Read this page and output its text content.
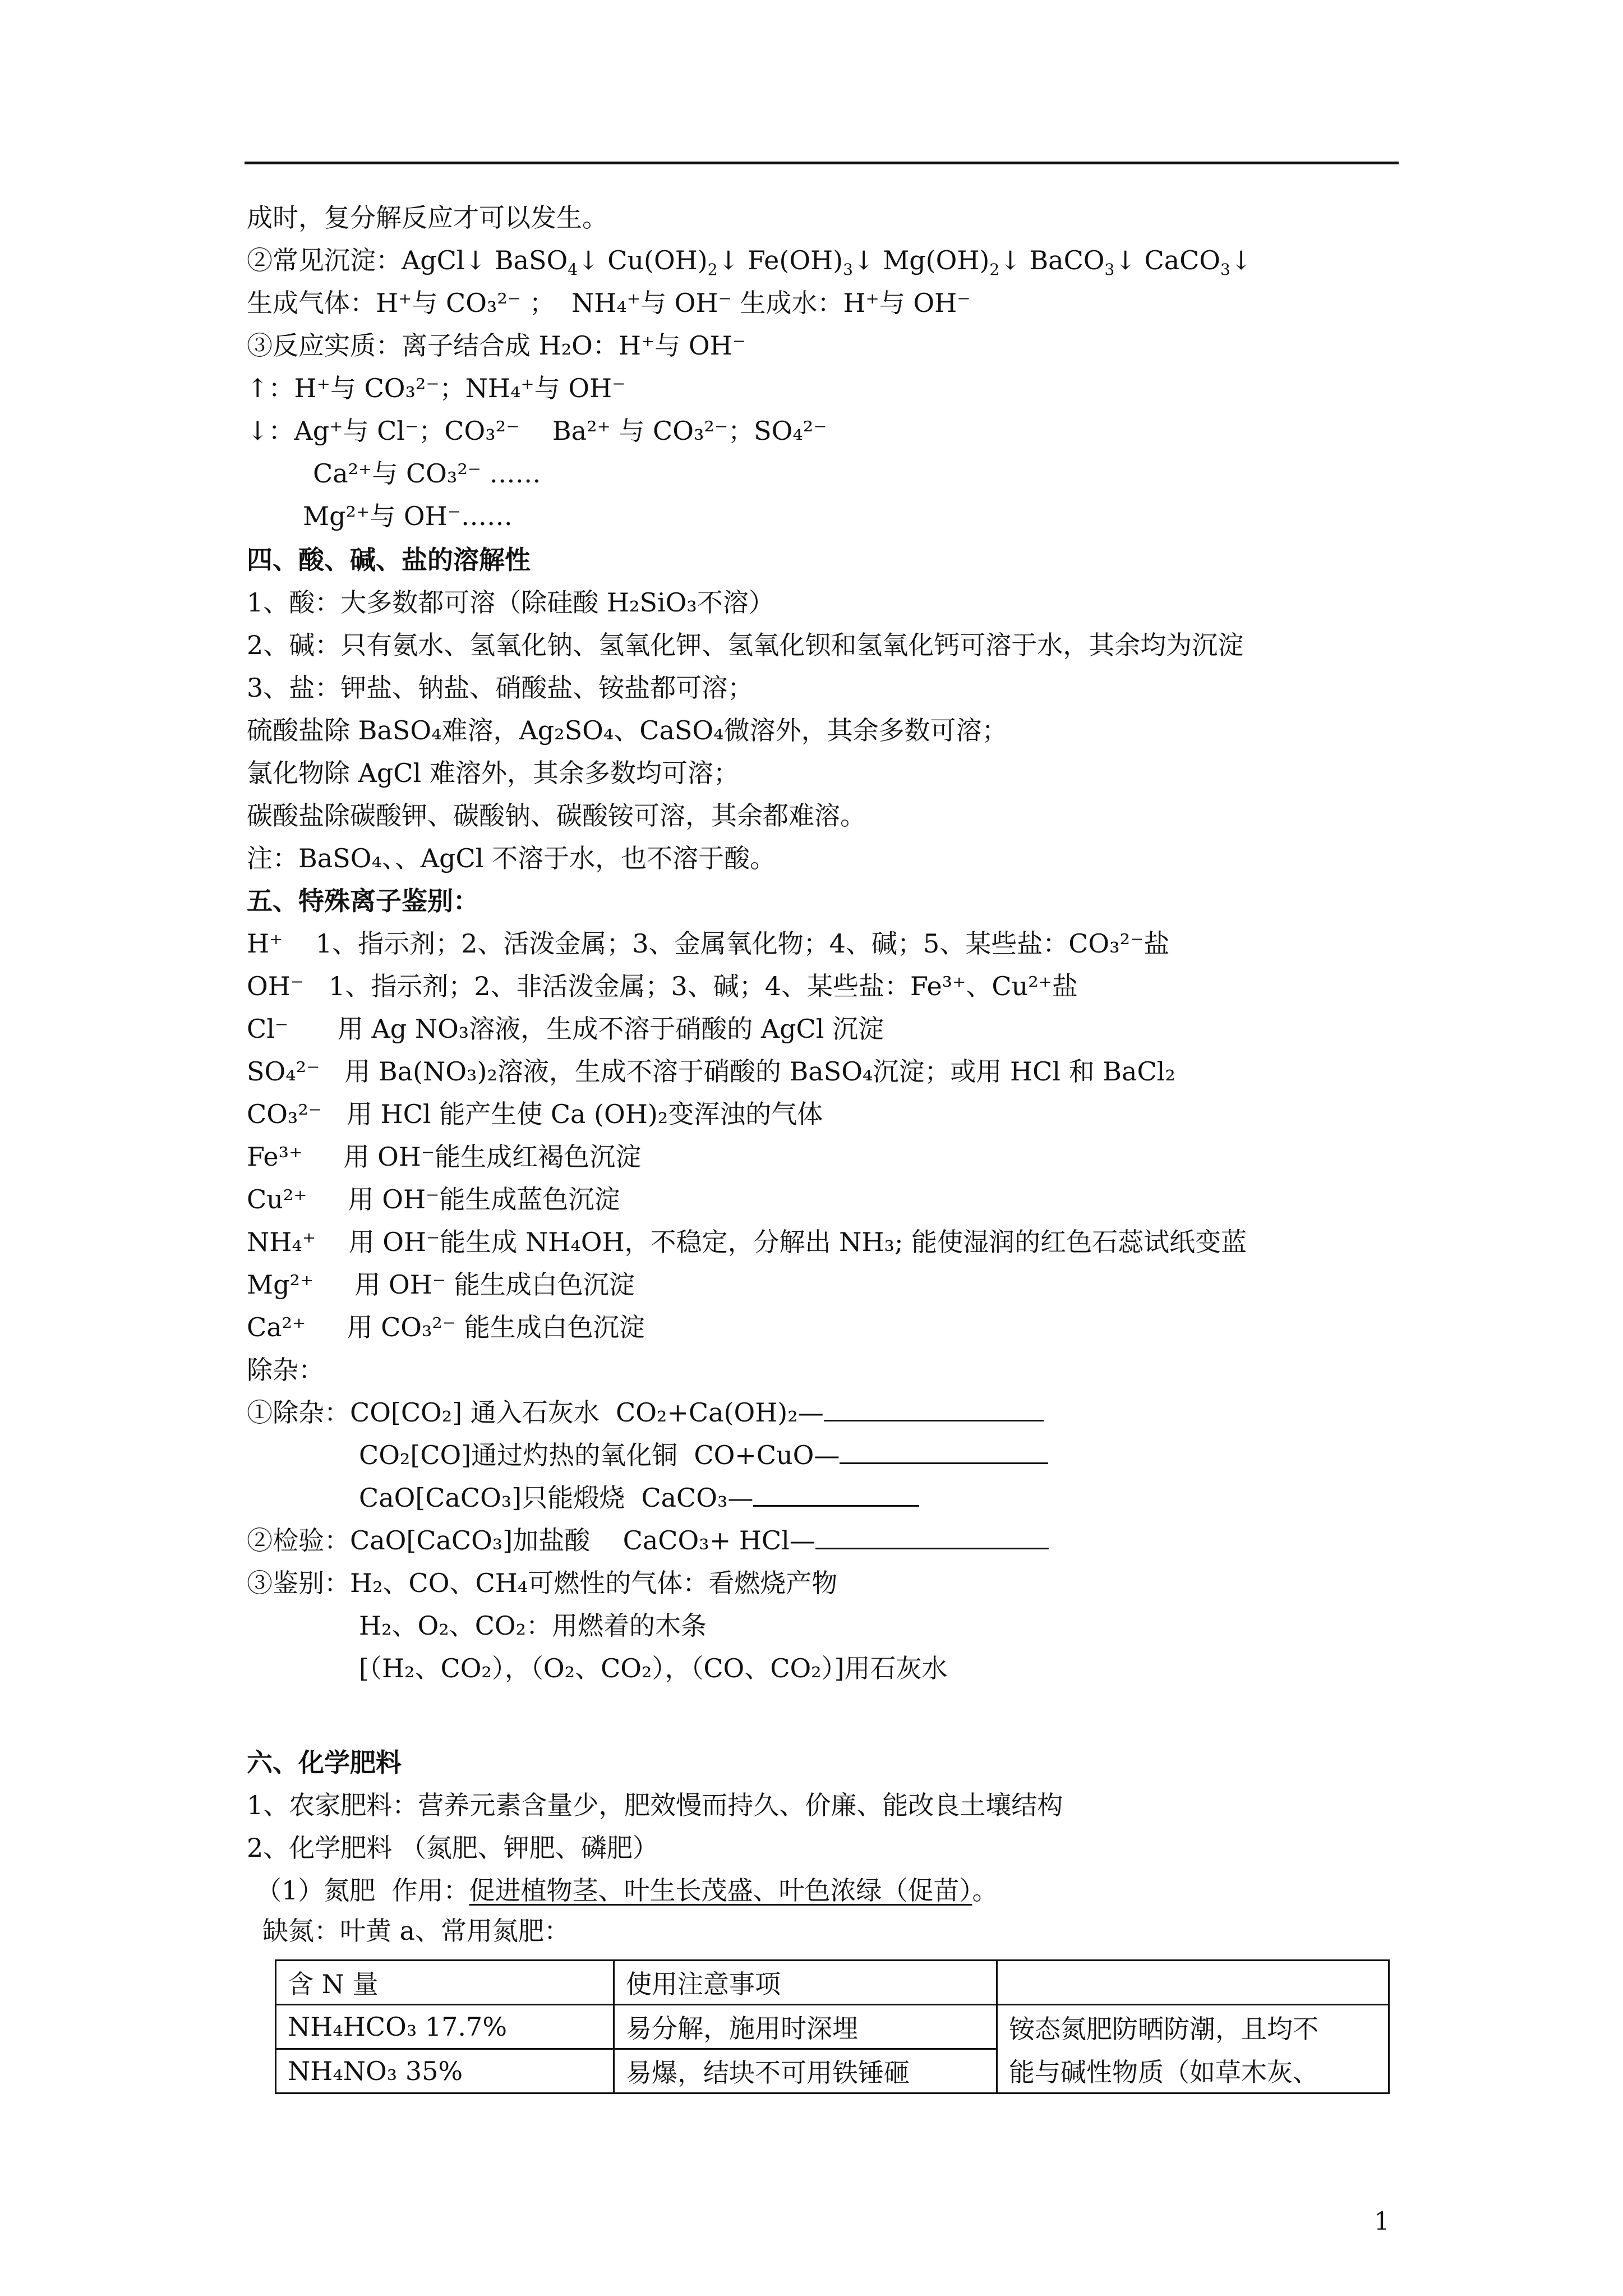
成时，复分解反应才可以发生。
②常见沉淀：AgCl↓ BaSO$_4$↓ $Cu(OH)_2↓$ $Fe(OH)_3↓$ $Mg(OH)_2↓$ BaCO$_3$↓ CaCO$_3$↓
生成气体：H⁺与 CO₃²⁻ ；  NH₄⁺与 OH⁻ 生成水：H⁺与 OH⁻
③反应实质：离子结合成 H₂O：H⁺与 OH⁻
↑：H⁺与 CO₃²⁻；NH₄⁺与 OH⁻
↓：Ag⁺与 Cl⁻；CO₃²⁻    Ba²⁺ 与 CO₃²⁻；SO₄²⁻
Ca²⁺与 CO₃²⁻ ……
Mg²⁺与 OH⁻……
四、酸、碱、盐的溶解性
1、酸：大多数都可溶（除硅酸 H₂SiO₃不溶）
2、碱：只有氨水、氢氧化钠、氢氧化钾、氢氧化钡和氢氧化钙可溶于水，其余均为沉淀
3、盐：钾盐、钠盐、硝酸盐、铵盐都可溶；
硫酸盐除 BaSO₄难溶，Ag₂SO₄、CaSO₄微溶外，其余多数可溶；
氯化物除 AgCl 难溶外，其余多数均可溶；
碳酸盐除碳酸钾、碳酸钠、碳酸铵可溶，其余都难溶。
注：BaSO₄、、AgCl 不溶于水，也不溶于酸。
五、特殊离子鉴别：
H⁺    1、指示剂；2、活泼金属；3、金属氧化物；4、碱；5、某些盐：CO₃²⁻盐
OH⁻   1、指示剂；2、非活泼金属；3、碱；4、某些盐：Fe³⁺、Cu²⁺盐
Cl⁻      用 Ag NO₃溶液，生成不溶于硝酸的 AgCl 沉淀
SO₄²⁻   用 Ba(NO₃)₂溶液，生成不溶于硝酸的 BaSO₄沉淀；或用 HCl 和 BaCl₂
CO₃²⁻   用 HCl 能产生使 Ca (OH)₂变浑浊的气体
Fe³⁺     用 OH⁻能生成红褐色沉淀
Cu²⁺     用 OH⁻能生成蓝色沉淀
NH₄⁺    用 OH⁻能生成 NH₄OH，不稳定，分解出 NH₃; 能使湿润的红色石蕊试纸变蓝
Mg²⁺     用 OH⁻ 能生成白色沉淀
Ca²⁺     用 CO₃²⁻ 能生成白色沉淀
除杂：
①除杂：CO[CO₂] 通入石灰水  CO₂+Ca(OH)₂—
CO₂[CO]通过灼热的氧化铜  CO+CuO—
CaO[CaCO₃]只能煅烧  CaCO₃—
②检验：CaO[CaCO₃]加盐酸    CaCO₃+ HCl—
③鉴别：H₂、CO、CH₄可燃性的气体：看燃烧产物
H₂、O₂、CO₂：用燃着的木条
[（H₂、CO₂），（O₂、CO₂），（CO、CO₂）]用石灰水
六、化学肥料
1、农家肥料：营养元素含量少，肥效慢而持久、价廉、能改良土壤结构
2、化学肥料 （氮肥、钾肥、磷肥）
（1）氮肥  作用：促进植物茎、叶生长茂盛、叶色浓绿（促苗）。
缺氮：叶黄 a、常用氮肥：
含 N 量	使用注意事项	
NH₄HCO₃ 17.7%	易分解，施用时深埋	铵态氮肥防晒防潮，且均不
NH₄NO₃ 35%	易爆，结块不可用铁锤砸	能与碱性物质（如草木灰、
1
